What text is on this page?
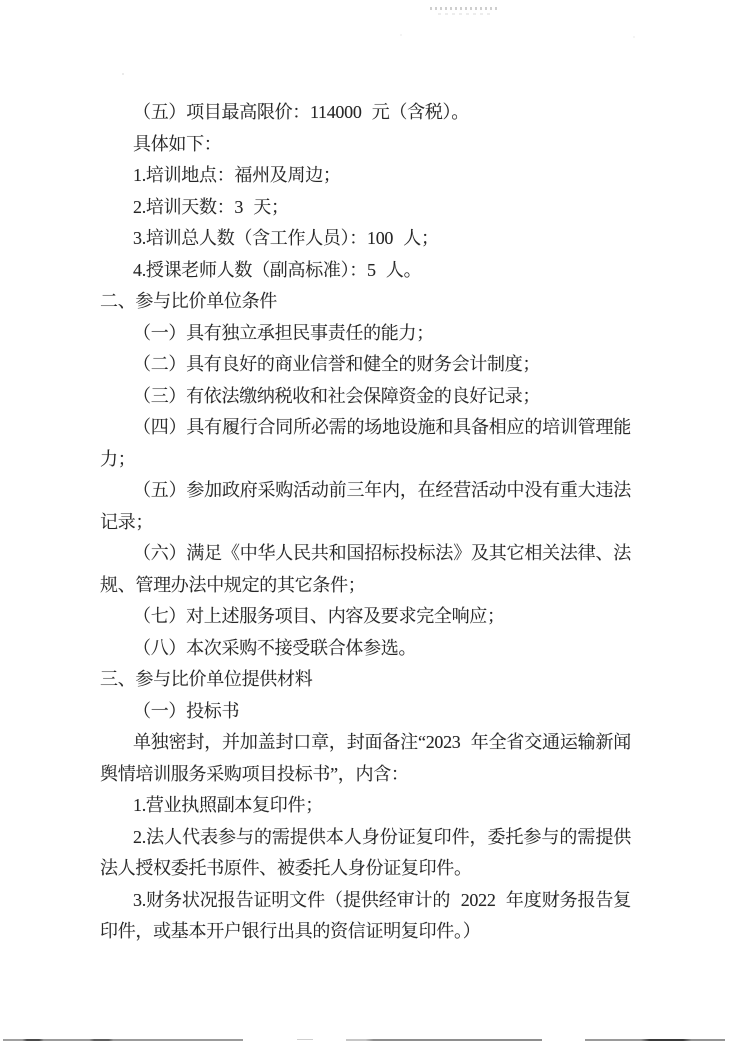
（五）项目最高限价：114000 元（含税）。

具体如下：

1.培训地点：福州及周边；

2.培训天数：3 天；

3.培训总人数（含工作人员）：100 人；

4.授课老师人数（副高标准）：5 人。

二、参与比价单位条件

（一）具有独立承担民事责任的能力；

（二）具有良好的商业信誉和健全的财务会计制度；

（三）有依法缴纳税收和社会保障资金的良好记录；

（四）具有履行合同所必需的场地设施和具备相应的培训管理能力；

（五）参加政府采购活动前三年内，在经营活动中没有重大违法记录；

（六）满足《中华人民共和国招标投标法》及其它相关法律、法规、管理办法中规定的其它条件；

（七）对上述服务项目、内容及要求完全响应；

（八）本次采购不接受联合体参选。

三、参与比价单位提供材料

（一）投标书

单独密封，并加盖封口章，封面备注“2023 年全省交通运输新闻舆情培训服务采购项目投标书”，内含：

1.营业执照副本复印件；

2.法人代表参与的需提供本人身份证复印件，委托参与的需提供法人授权委托书原件、被委托人身份证复印件。

3.财务状况报告证明文件（提供经审计的 2022 年度财务报告复印件，或基本开户银行出具的资信证明复印件。）
